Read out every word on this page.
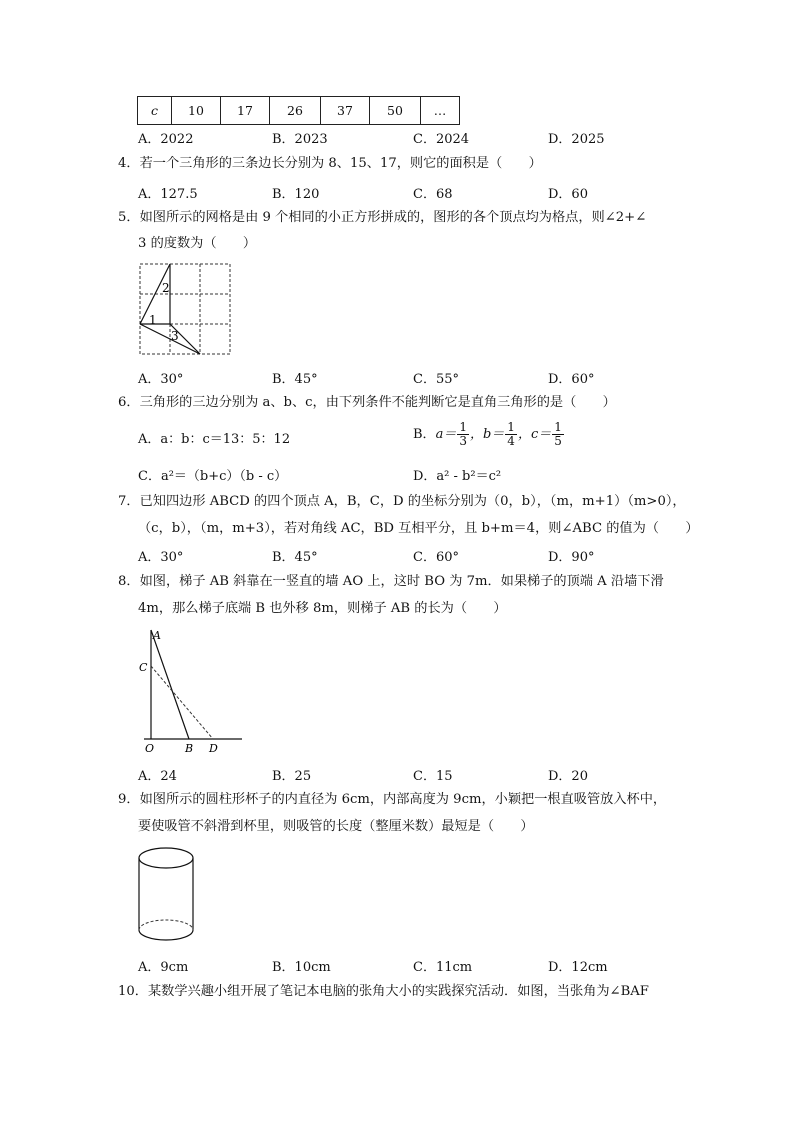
c	10	17	26	37	50	…
A．2022	B．2023	C．2024	D．2025
4．若一个三角形的三条边长分别为 8、15、17，则它的面积是（　　）
A．127.5	B．120	C．68	D．60
5．如图所示的网格是由 9 个相同的小正方形拼成的，图形的各个顶点均为格点，则∠2+∠
3 的度数为（　　）
2
1
3
A．30°	B．45°	C．55°	D．60°
6．三角形的三边分别为 a、b、c，由下列条件不能判断它是直角三角形的是（　　）
A．a：b：c＝13：5：12	B．$a= \frac{1}{3}$ ，$b= \frac{1}{4}$ ，$c= \frac{1}{5}$
C．a²＝（b+c）（b - c）	D．a² - b²＝c²
7．已知四边形 ABCD 的四个顶点 A，B，C，D 的坐标分别为（0，b），（m，m+1）（m>0），
（c，b），（m，m+3），若对角线 AC，BD 互相平分，且 b+m＝4，则∠ABC 的值为（　　）
A．30°	B．45°	C．60°	D．90°
8．如图，梯子 AB 斜靠在一竖直的墙 AO 上，这时 BO 为 7m．如果梯子的顶端 A 沿墙下滑
4m，那么梯子底端 B 也外移 8m，则梯子 AB 的长为（　　）
A
C
O	B D
A．24	B．25	C．15	D．20
9．如图所示的圆柱形杯子的内直径为 6cm，内部高度为 9cm，小颖把一根直吸管放入杯中，
要使吸管不斜滑到杯里，则吸管的长度（整厘米数）最短是（　　）
A．9cm	B．10cm	C．11cm	D．12cm
10．某数学兴趣小组开展了笔记本电脑的张角大小的实践探究活动．如图，当张角为∠BAF
